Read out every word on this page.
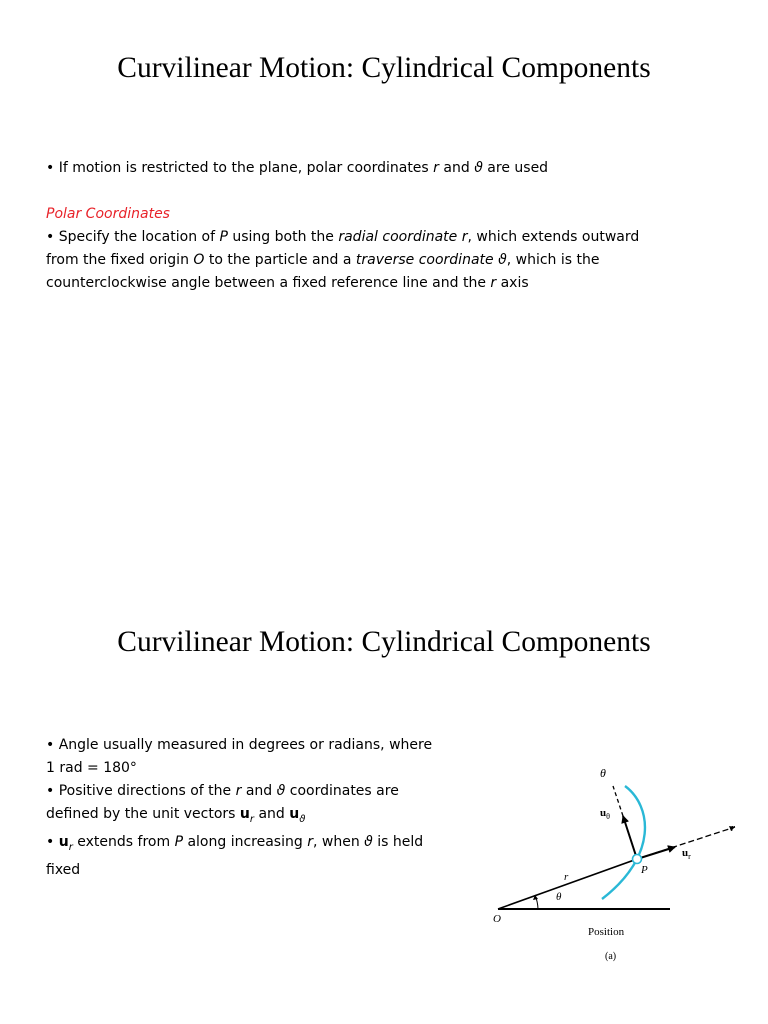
Curvilinear Motion: Cylindrical Components
• If motion is restricted to the plane, polar coordinates r and ϑ are used
Polar Coordinates
• Specify the location of P using both the radial coordinate r, which extends outward
from the fixed origin O to the particle and a traverse coordinate ϑ, which is the
counterclockwise angle between a fixed reference line and the r axis
Curvilinear Motion: Cylindrical Components
• Angle usually measured in degrees or radians, where
1 rad = 180°
• Positive directions of the r and ϑ coordinates are
defined by the unit vectors $u_r$ and $u_ϑ$
• $u_r$ extends from P along increasing r, when ϑ is held
fixed
θ
$u_\theta$
$u_r$
r
r
P
θ
O
Position
(a)
